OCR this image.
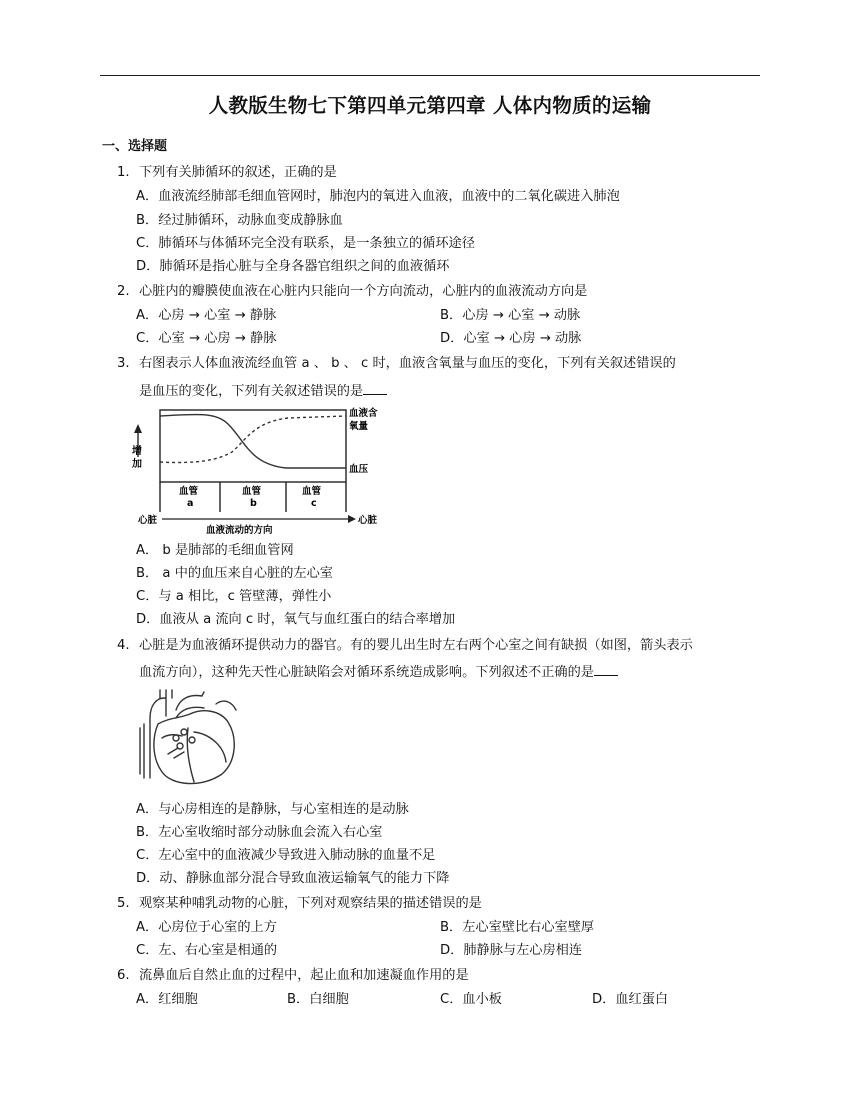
人教版生物七下第四单元第四章 人体内物质的运输
一、选择题
1. 下列有关肺循环的叙述，正确的是
A．血液流经肺部毛细血管网时，肺泡内的氧进入血液，血液中的二氧化碳进入肺泡
B．经过肺循环，动脉血变成静脉血
C．肺循环与体循环完全没有联系，是一条独立的循环途径
D．肺循环是指心脏与全身各器官组织之间的血液循环
2. 心脏内的瓣膜使血液在心脏内只能向一个方向流动，心脏内的血液流动方向是
A．心房 → 心室 → 静脉	B．心房 → 心室 → 动脉
C．心室 → 心房 → 静脉	D．心室 → 心房 → 动脉
3. 右图表示人体血液流经血管 a 、 b 、 c 时，血液含氧量与血压的变化，下列有关叙述错误的
是血压的变化，下列有关叙述错误的是
增
加
血液含
氧量
血压
血管
a
血管
b
血管
c
心脏
血液流动的方向
心脏
A． b 是肺部的毛细血管网
B． a 中的血压来自心脏的左心室
C．与 a 相比，c 管壁薄，弹性小
D．血液从 a 流向 c 时，氧气与血红蛋白的结合率增加
4. 心脏是为血液循环提供动力的器官。有的婴儿出生时左右两个心室之间有缺损（如图，箭头表示
血流方向），这种先天性心脏缺陷会对循环系统造成影响。下列叙述不正确的是
A．与心房相连的是静脉，与心室相连的是动脉
B．左心室收缩时部分动脉血会流入右心室
C．左心室中的血液减少导致进入肺动脉的血量不足
D．动、静脉血部分混合导致血液运输氧气的能力下降
5. 观察某种哺乳动物的心脏，下列对观察结果的描述错误的是
A．心房位于心室的上方	B．左心室壁比右心室壁厚
C．左、右心室是相通的	D．肺静脉与左心房相连
6. 流鼻血后自然止血的过程中，起止血和加速凝血作用的是
A．红细胞	B．白细胞	C．血小板	D．血红蛋白
